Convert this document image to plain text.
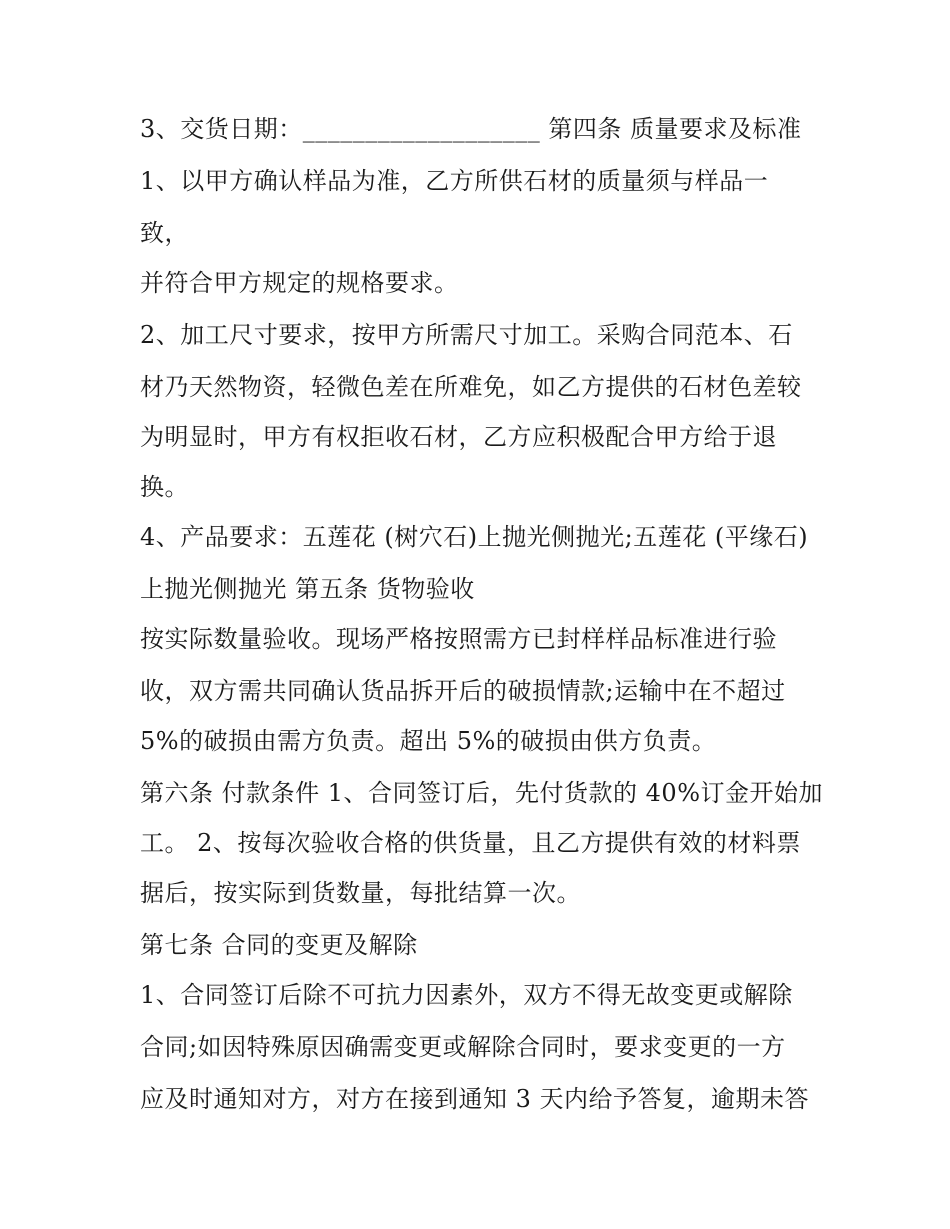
3、交货日期：___________________ 第四条 质量要求及标准
1、以甲方确认样品为准，乙方所供石材的质量须与样品一
致，
并符合甲方规定的规格要求。
2、加工尺寸要求，按甲方所需尺寸加工。采购合同范本、石
材乃天然物资，轻微色差在所难免，如乙方提供的石材色差较
为明显时，甲方有权拒收石材，乙方应积极配合甲方给于退
换。
4、产品要求：五莲花 (树穴石)上抛光侧抛光;五莲花 (平缘石)
上抛光侧抛光 第五条 货物验收
按实际数量验收。现场严格按照需方已封样样品标准进行验
收，双方需共同确认货品拆开后的破损情款;运输中在不超过
5%的破损由需方负责。超出 5%的破损由供方负责。
第六条 付款条件 1、合同签订后，先付货款的 40%订金开始加
工。 2、按每次验收合格的供货量，且乙方提供有效的材料票
据后，按实际到货数量，每批结算一次。
第七条 合同的变更及解除
1、合同签订后除不可抗力因素外，双方不得无故变更或解除
合同;如因特殊原因确需变更或解除合同时，要求变更的一方
应及时通知对方，对方在接到通知 3 天内给予答复，逾期未答
